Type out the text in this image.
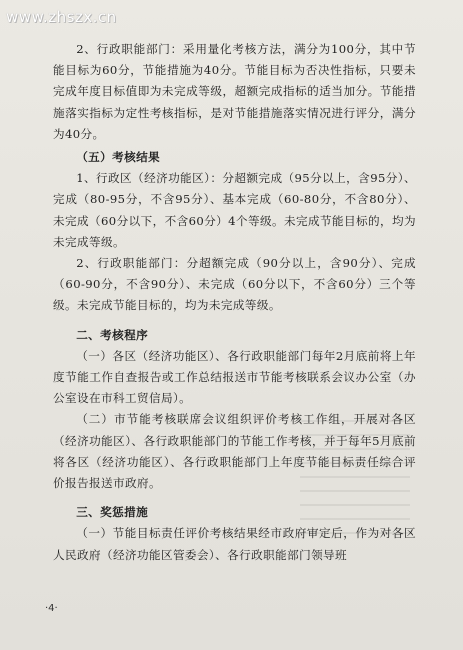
www.zhszx.cn

2、行政职能部门：采用量化考核方法，满分为100分，其中节能目标为60分，节能措施为40分。节能目标为否决性指标，只要未完成年度目标值即为未完成等级，超额完成指标的适当加分。节能措施落实指标为定性考核指标，是对节能措施落实情况进行评分，满分为40分。

（五）考核结果

1、行政区（经济功能区）：分超额完成（95分以上，含95分）、完成（80-95分，不含95分）、基本完成（60-80分，不含80分）、未完成（60分以下，不含60分）4个等级。未完成节能目标的，均为未完成等级。

2、行政职能部门：分超额完成（90分以上，含90分）、完成（60-90分，不含90分）、未完成（60分以下，不含60分）三个等级。未完成节能目标的，均为未完成等级。

二、考核程序

（一）各区（经济功能区）、各行政职能部门每年2月底前将上年度节能工作自查报告或工作总结报送市节能考核联系会议办公室（办公室设在市科工贸信局）。

（二）市节能考核联席会议组织评价考核工作组，开展对各区（经济功能区）、各行政职能部门的节能工作考核，并于每年5月底前将各区（经济功能区）、各行政职能部门上年度节能目标责任综合评价报告报送市政府。

三、奖惩措施

（一）节能目标责任评价考核结果经市政府审定后，作为对各区人民政府（经济功能区管委会）、各行政职能部门领导班

·4·
